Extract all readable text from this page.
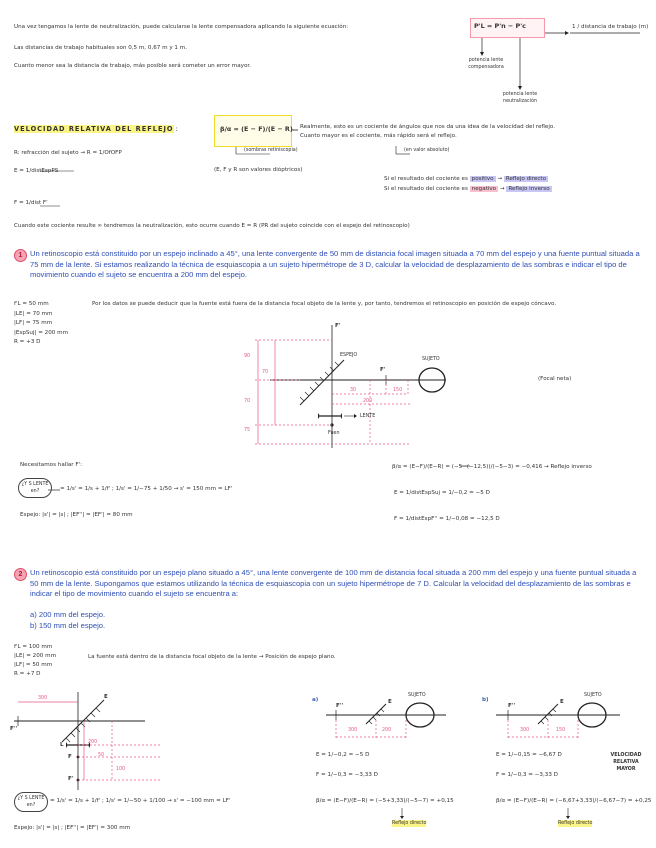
Una vez tengamos la lente de neutralización, puede calcularse la lente compensadora aplicando la siguiente ecuación:	P'L = P'n − P'c	1 / distancia de trabajo (m)
potencia lente compensadora
potencia lente neutralización
Las distancias de trabajo habituales son 0,5 m, 0,67 m y 1 m.
Cuanto menor sea la distancia de trabajo, más posible será cometer un error mayor.
VELOCIDAD RELATIVA DEL REFLEJO :	β/α = (E − F)/(E − R) Realmente, esto es un cociente de ángulos que nos da una idea de la velocidad del reflejo.
Cuanto mayor es el cociente, más rápido será el reflejo.
(sombras retiniscopia)	(en valor absoluto)
R: refracción del sujeto → R = 1/OfOFP
E = 1/distEspPS	(E, F y R son valores dióptricos)
Si el resultado del cociente es positivo → Reflejo directo
Si el resultado del cociente es negativo → Reflejo inverso
F = 1/dist F'
Cuando este cociente resulte ∞ tendremos la neutralización, esto ocurre cuando E = R (PR del sujeto coincide con el espejo del retinoscopio)
1 Un retinoscopio está constituido por un espejo inclinado a 45°, una lente convergente de 50 mm de distancia focal imagen situada a 70 mm del espejo y una fuente puntual situada a 75 mm de la lente. Si estamos realizando la técnica de esquiascopia a un sujeto hipermétrope de 3 D, calcular la velocidad de desplazamiento de las sombras e indicar el tipo de movimiento cuando el sujeto se encuentra a 200 mm del espejo.
f'L = 50 mm
|LE| = 70 mm
|LF| = 75 mm
|EspSuj| = 200 mm
R = +3 D
Por los datos se puede deducir que la fuente está fuera de la distancia focal objeto de la lente y, por tanto, tendremos el retinoscopio en posición de espejo cóncavo.
F'
ESPEJO
SUJETO
F'
LENTE
Fuen
90
70
70
75
30	150
200
(Focal neta)
Necesitamos hallar F':
¿Y S LENTE en?	= 1/s' = 1/s + 1/f' ; 1/s' = 1/−75 + 1/50 → s' = 150 mm = LF'
Espejo: |s'| = |s| ; |EF''| = |EF'| = 80 mm
β/α = (E−F)/(E−R) = (−5−(−12,5))/(−5−3) = −0,416 → Reflejo inverso
E = 1/distEspSuj = 1/−0,2 = −5 D
F = 1/distEspF'' = 1/−0,08 = −12,5 D
2 Un retinoscopio está constituido por un espejo plano situado a 45°, una lente convergente de 100 mm de distancia focal situada a 200 mm del espejo y una fuente puntual situada a 50 mm de la lente. Supongamos que estamos utilizando la técnica de esquiascopia con un sujeto hipermétrope de 7 D. Calcular la velocidad del desplazamiento de las sombras e indicar el tipo de movimiento cuando el sujeto se encuentra a:
a) 200 mm del espejo.
b) 150 mm del espejo.
f'L = 100 mm
|LE| = 200 mm
|LF| = 50 mm
R = +7 D
La fuente está dentro de la distancia focal objeto de la lente → Posición de espejo plano.
300	E
F''
200
L
50
F
100
F'
¿Y S LENTE en?
= 1/s' = 1/s + 1/f' ; 1/s' = 1/−50 + 1/100 → s' = −100 mm = LF'
Espejo: |s'| = |s| ; |EF''| = |EF'| = 300 mm
a)
F''
E
SUJETO
300	200
E = 1/−0,2 = −5 D
F = 1/−0,3 = −3,33 D
β/α = (E−F)/(E−R) = (−5+3,33)/(−5−7) = +0,15
Reflejo directo
b)
F''
E
SUJETO
300	150
E = 1/−0,15 = −6,67 D
F = 1/−0,3 = −3,33 D
VELOCIDAD RELATIVA MAYOR
β/α = (E−F)/(E−R) = (−6,67+3,33)/(−6,67−7) = +0,25
Reflejo directo
